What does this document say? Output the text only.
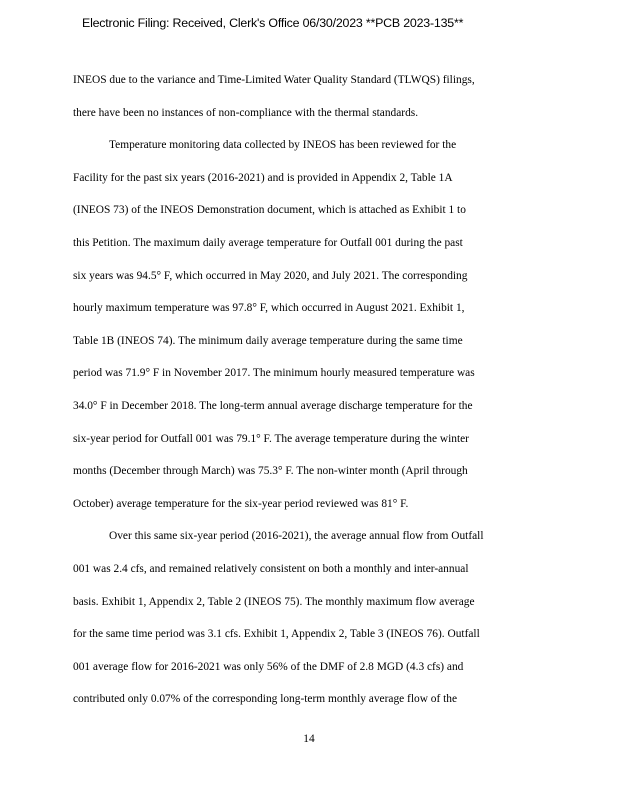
Electronic Filing: Received, Clerk's Office 06/30/2023 **PCB 2023-135**
INEOS due to the variance and Time-Limited Water Quality Standard (TLWQS) filings,
there have been no instances of non-compliance with the thermal standards.
Temperature monitoring data collected by INEOS has been reviewed for the
Facility for the past six years (2016-2021) and is provided in Appendix 2, Table 1A
(INEOS 73) of the INEOS Demonstration document, which is attached as Exhibit 1 to
this Petition. The maximum daily average temperature for Outfall 001 during the past
six years was 94.5° F, which occurred in May 2020, and July 2021. The corresponding
hourly maximum temperature was 97.8° F, which occurred in August 2021. Exhibit 1,
Table 1B (INEOS 74). The minimum daily average temperature during the same time
period was 71.9° F in November 2017. The minimum hourly measured temperature was
34.0° F in December 2018. The long-term annual average discharge temperature for the
six-year period for Outfall 001 was 79.1° F. The average temperature during the winter
months (December through March) was 75.3° F. The non-winter month (April through
October) average temperature for the six-year period reviewed was 81° F.
Over this same six-year period (2016-2021), the average annual flow from Outfall
001 was 2.4 cfs, and remained relatively consistent on both a monthly and inter-annual
basis. Exhibit 1, Appendix 2, Table 2 (INEOS 75). The monthly maximum flow average
for the same time period was 3.1 cfs. Exhibit 1, Appendix 2, Table 3 (INEOS 76). Outfall
001 average flow for 2016-2021 was only 56% of the DMF of 2.8 MGD (4.3 cfs) and
contributed only 0.07% of the corresponding long-term monthly average flow of the
14
